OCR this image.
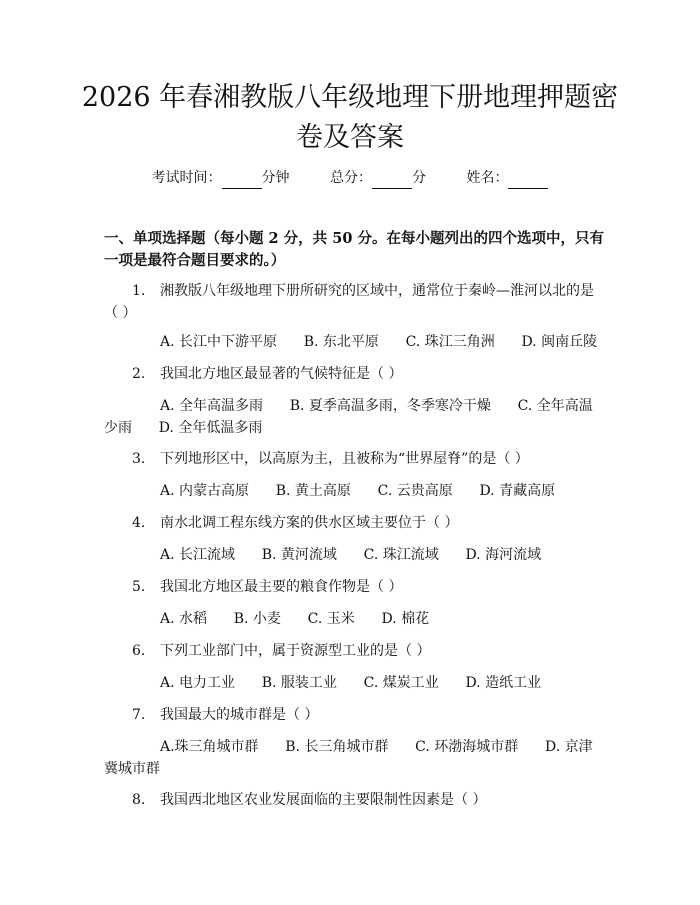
2026 年春湘教版八年级地理下册地理押题密
卷及答案
考试时间：	分钟	总分：	分	姓名：

一、单项选择题（每小题 2 分，共 50 分。在每小题列出的四个选项中，只有一项是最符合题目要求的。）

1. 湘教版八年级地理下册所研究的区域中，通常位于秦岭—淮河以北的是（ ）
A. 长江中下游平原 B. 东北平原 C. 珠江三角洲 D. 闽南丘陵
2. 我国北方地区最显著的气候特征是（ ）
A. 全年高温多雨 B. 夏季高温多雨，冬季寒冷干燥 C. 全年高温少雨 D. 全年低温多雨
3. 下列地形区中，以高原为主，且被称为“世界屋脊”的是（ ）
A. 内蒙古高原 B. 黄土高原 C. 云贵高原 D. 青藏高原
4. 南水北调工程东线方案的供水区域主要位于（ ）
A. 长江流域 B. 黄河流域 C. 珠江流域 D. 海河流域
5. 我国北方地区最主要的粮食作物是（ ）
A. 水稻 B. 小麦 C. 玉米 D. 棉花
6. 下列工业部门中，属于资源型工业的是（ ）
A. 电力工业 B. 服装工业 C. 煤炭工业 D. 造纸工业
7. 我国最大的城市群是（ ）
A.珠三角城市群 B. 长三角城市群 C. 环渤海城市群 D. 京津冀城市群
8. 我国西北地区农业发展面临的主要限制性因素是（ ）
